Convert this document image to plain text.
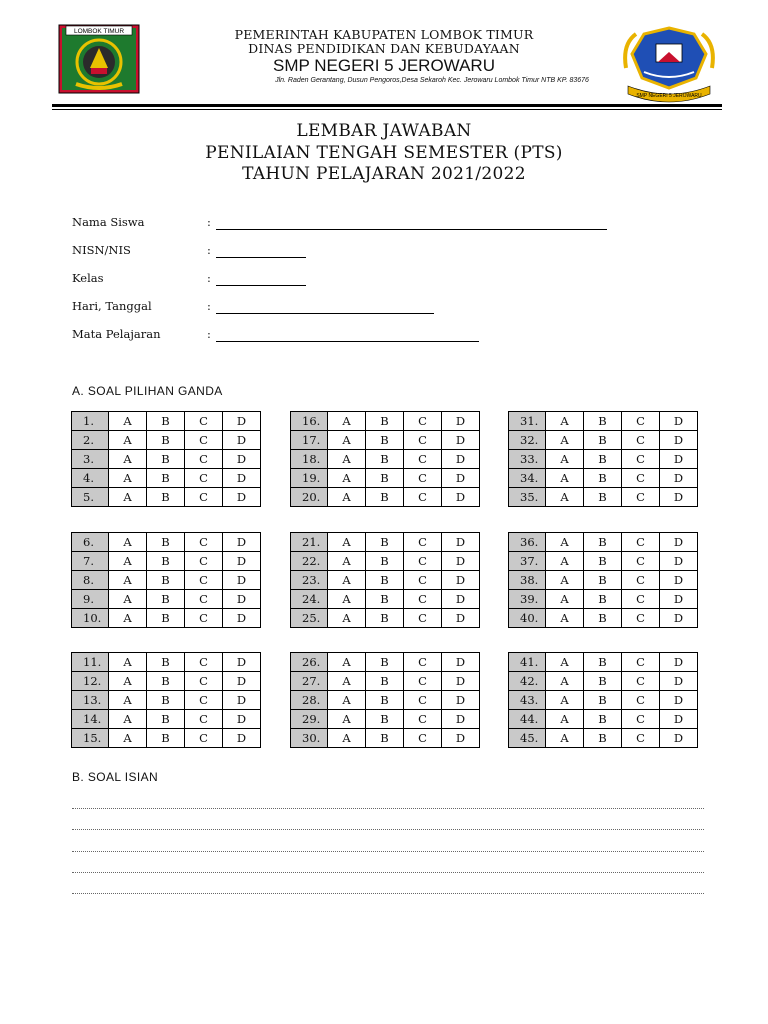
LOMBOK TIMUR	PEMERINTAH KABUPATEN LOMBOK TIMUR
DINAS PENDIDIKAN DAN KEBUDAYAAN
SMP NEGERI 5 JEROWARU
Jln. Raden Gerantang, Dusun Pengoros,Desa Sekaroh Kec. Jerowaru Lombok Timur NTB KP. 83676
SMP NEGERI 5 JEROWARU
LEMBAR JAWABAN
PENILAIAN TENGAH SEMESTER (PTS)
TAHUN PELAJARAN 2021/2022
Nama Siswa	:
NISN/NIS	:
Kelas	:
Hari, Tanggal	:
Mata Pelajaran	:
A. SOAL PILIHAN GANDA
1.	A	B	C	D
2.	A	B	C	D
3.	A	B	C	D
4.	A	B	C	D
5.	A	B	C	D
16.	A	B	C	D
17.	A	B	C	D
18.	A	B	C	D
19.	A	B	C	D
20.	A	B	C	D
31.	A	B	C	D
32.	A	B	C	D
33.	A	B	C	D
34.	A	B	C	D
35.	A	B	C	D
6.	A	B	C	D
7.	A	B	C	D
8.	A	B	C	D
9.	A	B	C	D
10.	A	B	C	D
21.	A	B	C	D
22.	A	B	C	D
23.	A	B	C	D
24.	A	B	C	D
25.	A	B	C	D
36.	A	B	C	D
37.	A	B	C	D
38.	A	B	C	D
39.	A	B	C	D
40.	A	B	C	D
11.	A	B	C	D
12.	A	B	C	D
13.	A	B	C	D
14.	A	B	C	D
15.	A	B	C	D
26.	A	B	C	D
27.	A	B	C	D
28.	A	B	C	D
29.	A	B	C	D
30.	A	B	C	D
41.	A	B	C	D
42.	A	B	C	D
43.	A	B	C	D
44.	A	B	C	D
45.	A	B	C	D
B. SOAL ISIAN
